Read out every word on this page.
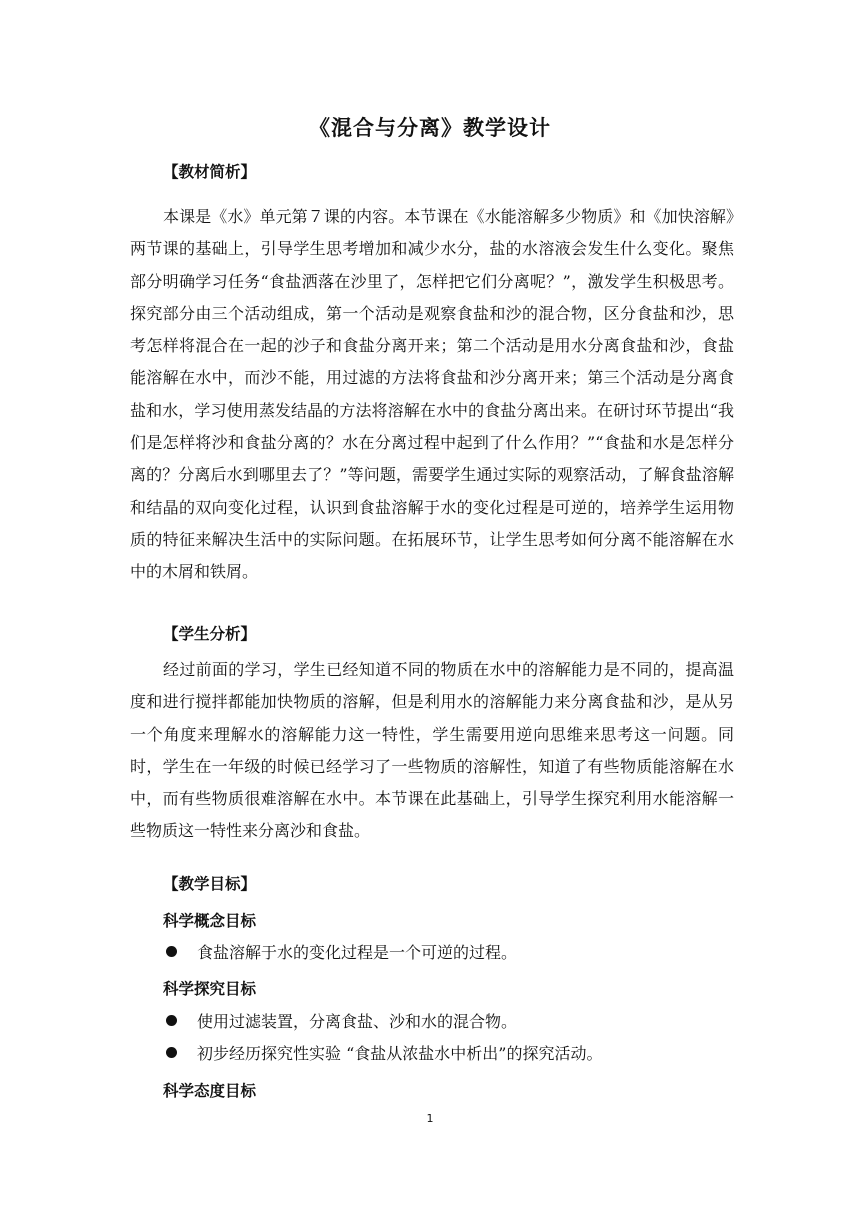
《混合与分离》教学设计
【教材简析】

本课是《水》单元第７课的内容。本节课在《水能溶解多少物质》和《加快溶解》两节课的基础上，引导学生思考增加和减少水分，盐的水溶液会发生什么变化。聚焦部分明确学习任务“食盐洒落在沙里了，怎样把它们分离呢？”，激发学生积极思考。探究部分由三个活动组成，第一个活动是观察食盐和沙的混合物，区分食盐和沙，思考怎样将混合在一起的沙子和食盐分离开来；第二个活动是用水分离食盐和沙，食盐能溶解在水中，而沙不能，用过滤的方法将食盐和沙分离开来；第三个活动是分离食盐和水，学习使用蒸发结晶的方法将溶解在水中的食盐分离出来。在研讨环节提出“我们是怎样将沙和食盐分离的？水在分离过程中起到了什么作用？”“食盐和水是怎样分离的？分离后水到哪里去了？”等问题，需要学生通过实际的观察活动，了解食盐溶解和结晶的双向变化过程，认识到食盐溶解于水的变化过程是可逆的，培养学生运用物质的特征来解决生活中的实际问题。在拓展环节，让学生思考如何分离不能溶解在水中的木屑和铁屑。

【学生分析】

经过前面的学习，学生已经知道不同的物质在水中的溶解能力是不同的，提高温度和进行搅拌都能加快物质的溶解，但是利用水的溶解能力来分离食盐和沙，是从另一个角度来理解水的溶解能力这一特性，学生需要用逆向思维来思考这一问题。同时，学生在一年级的时候已经学习了一些物质的溶解性，知道了有些物质能溶解在水中，而有些物质很难溶解在水中。本节课在此基础上，引导学生探究利用水能溶解一些物质这一特性来分离沙和食盐。

【教学目标】
科学概念目标

食盐溶解于水的变化过程是一个可逆的过程。

科学探究目标

使用过滤装置，分离食盐、沙和水的混合物。

初步经历探究性实验 “食盐从浓盐水中析出”的探究活动。

科学态度目标
1
